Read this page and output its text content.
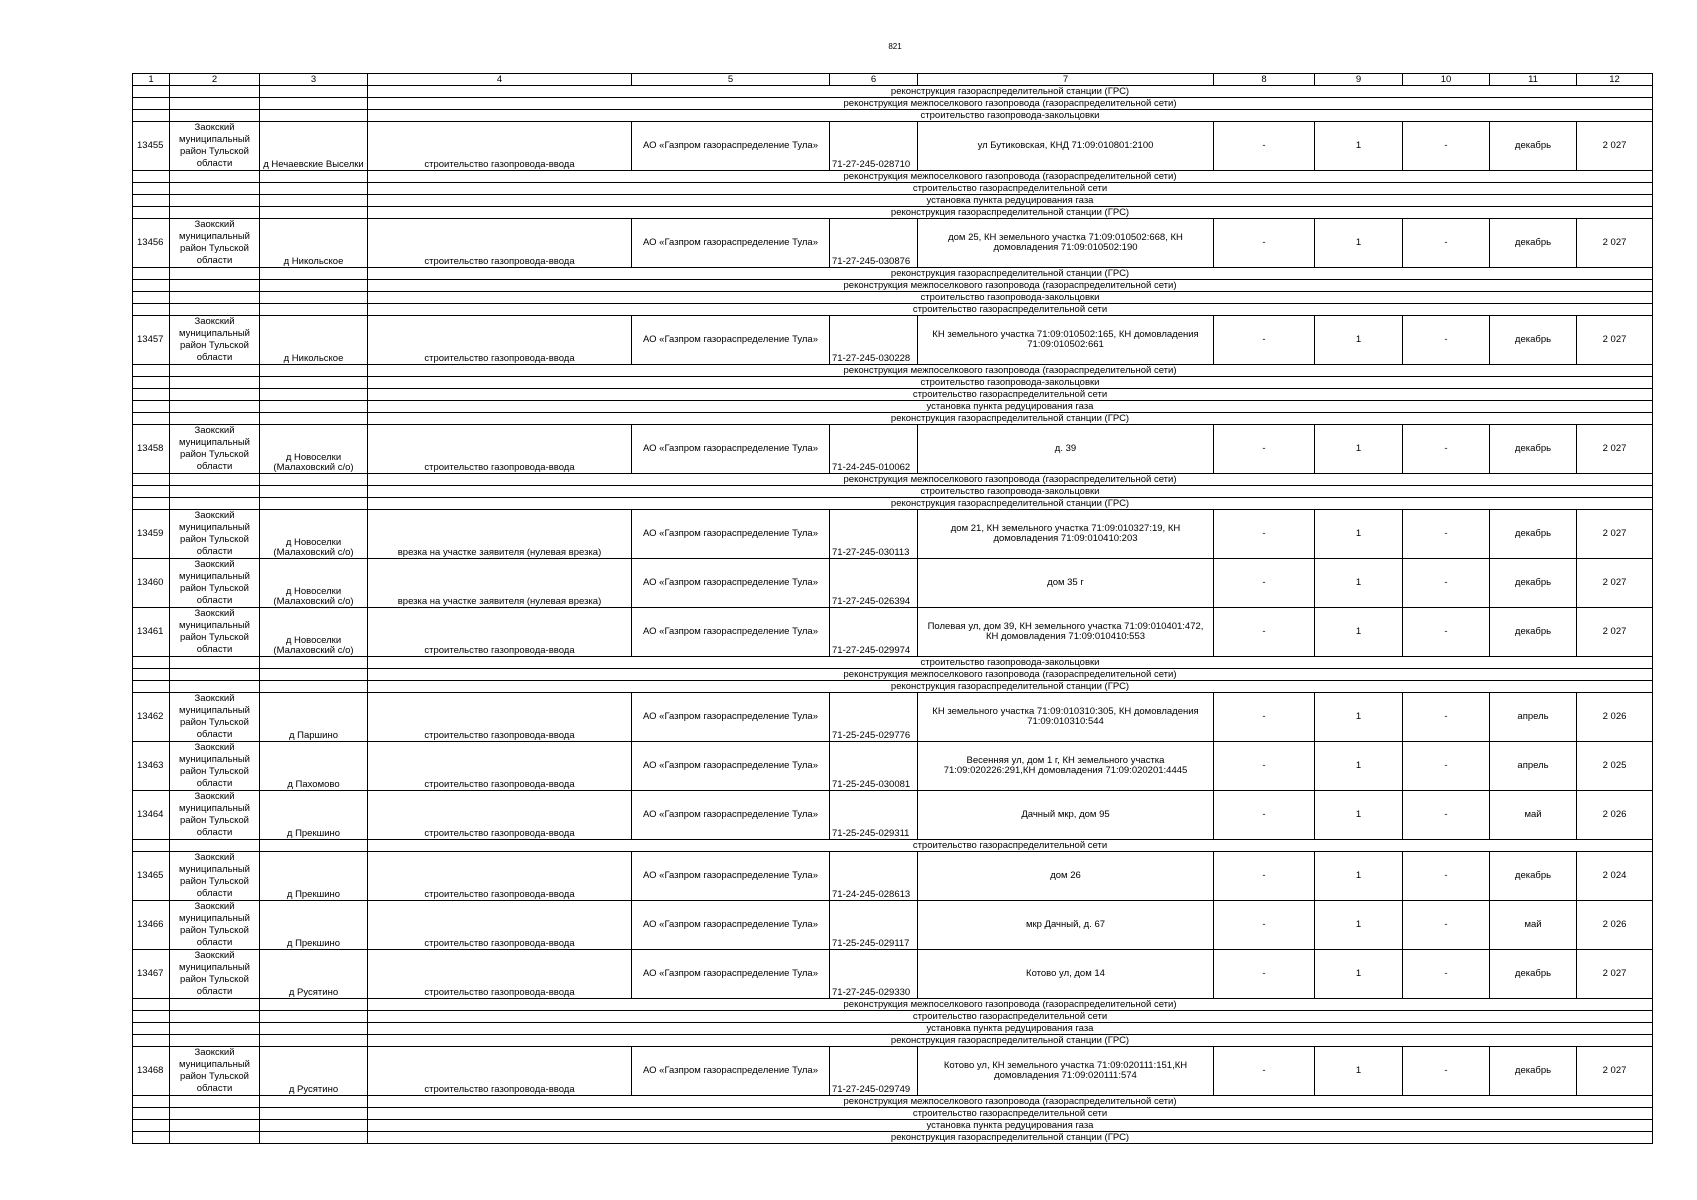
821
1	2	3	4	5	6	7	8	9	10	11	12
			реконструкция газораспределительной станции (ГРС)								
			реконструкция межпоселкового газопровода (газораспределительной сети)								
			строительство газопровода-закольцовки								
13455	Заокский муниципальный район Тульской области	д Нечаевские Выселки	строительство газопровода-ввода	АО «Газпром газораспределение Тула»	71-27-245-028710	ул Бутиковская, КНД 71:09:010801:2100	-	1	-	декабрь	2 027
			реконструкция межпоселкового газопровода (газораспределительной сети)								
			строительство газораспределительной сети								
			установка пункта редуцирования газа								
			реконструкция газораспределительной станции (ГРС)								
13456	Заокский муниципальный район Тульской области	д Никольское	строительство газопровода-ввода	АО «Газпром газораспределение Тула»	71-27-245-030876	дом 25, КН земельного участка 71:09:010502:668, КН домовладения 71:09:010502:190	-	1	-	декабрь	2 027
			реконструкция газораспределительной станции (ГРС)								
			реконструкция межпоселкового газопровода (газораспределительной сети)								
			строительство газопровода-закольцовки								
			строительство газораспределительной сети								
13457	Заокский муниципальный район Тульской области	д Никольское	строительство газопровода-ввода	АО «Газпром газораспределение Тула»	71-27-245-030228	КН земельного участка 71:09:010502:165, КН домовладения 71:09:010502:661	-	1	-	декабрь	2 027
			реконструкция межпоселкового газопровода (газораспределительной сети)								
			строительство газопровода-закольцовки								
			строительство газораспределительной сети								
			установка пункта редуцирования газа								
			реконструкция газораспределительной станции (ГРС)								
13458	Заокский муниципальный район Тульской области	д Новоселки (Малаховский с/о)	строительство газопровода-ввода	АО «Газпром газораспределение Тула»	71-24-245-010062	д. 39	-	1	-	декабрь	2 027
			реконструкция межпоселкового газопровода (газораспределительной сети)								
			строительство газопровода-закольцовки								
			реконструкция газораспределительной станции (ГРС)								
13459	Заокский муниципальный район Тульской области	д Новоселки (Малаховский с/о)	врезка на участке заявителя (нулевая врезка)	АО «Газпром газораспределение Тула»	71-27-245-030113	дом 21, КН земельного участка 71:09:010327:19, КН домовладения 71:09:010410:203	-	1	-	декабрь	2 027
13460	Заокский муниципальный район Тульской области	д Новоселки (Малаховский с/о)	врезка на участке заявителя (нулевая врезка)	АО «Газпром газораспределение Тула»	71-27-245-026394	дом 35 г	-	1	-	декабрь	2 027
13461	Заокский муниципальный район Тульской области	д Новоселки (Малаховский с/о)	строительство газопровода-ввода	АО «Газпром газораспределение Тула»	71-27-245-029974	Полевая ул, дом 39, КН земельного участка 71:09:010401:472, КН домовладения 71:09:010410:553	-	1	-	декабрь	2 027
			строительство газопровода-закольцовки								
			реконструкция межпоселкового газопровода (газораспределительной сети)								
			реконструкция газораспределительной станции (ГРС)								
13462	Заокский муниципальный район Тульской области	д Паршино	строительство газопровода-ввода	АО «Газпром газораспределение Тула»	71-25-245-029776	КН земельного участка 71:09:010310:305, КН домовладения 71:09:010310:544	-	1	-	апрель	2 026
13463	Заокский муниципальный район Тульской области	д Пахомово	строительство газопровода-ввода	АО «Газпром газораспределение Тула»	71-25-245-030081	Весенняя ул, дом 1 г, КН земельного участка 71:09:020226:291,КН домовладения 71:09:020201:4445	-	1	-	апрель	2 025
13464	Заокский муниципальный район Тульской области	д Прекшино	строительство газопровода-ввода	АО «Газпром газораспределение Тула»	71-25-245-029311	Дачный мкр, дом 95	-	1	-	май	2 026
			строительство газораспределительной сети								
13465	Заокский муниципальный район Тульской области	д Прекшино	строительство газопровода-ввода	АО «Газпром газораспределение Тула»	71-24-245-028613	дом 26	-	1	-	декабрь	2 024
13466	Заокский муниципальный район Тульской области	д Прекшино	строительство газопровода-ввода	АО «Газпром газораспределение Тула»	71-25-245-029117	мкр Дачный, д. 67	-	1	-	май	2 026
13467	Заокский муниципальный район Тульской области	д Русятино	строительство газопровода-ввода	АО «Газпром газораспределение Тула»	71-27-245-029330	Котово ул, дом 14	-	1	-	декабрь	2 027
			реконструкция межпоселкового газопровода (газораспределительной сети)								
			строительство газораспределительной сети								
			установка пункта редуцирования газа								
			реконструкция газораспределительной станции (ГРС)								
13468	Заокский муниципальный район Тульской области	д Русятино	строительство газопровода-ввода	АО «Газпром газораспределение Тула»	71-27-245-029749	Котово ул, КН земельного участка 71:09:020111:151,КН домовладения 71:09:020111:574	-	1	-	декабрь	2 027
			реконструкция межпоселкового газопровода (газораспределительной сети)								
			строительство газораспределительной сети								
			установка пункта редуцирования газа								
			реконструкция газораспределительной станции (ГРС)								
